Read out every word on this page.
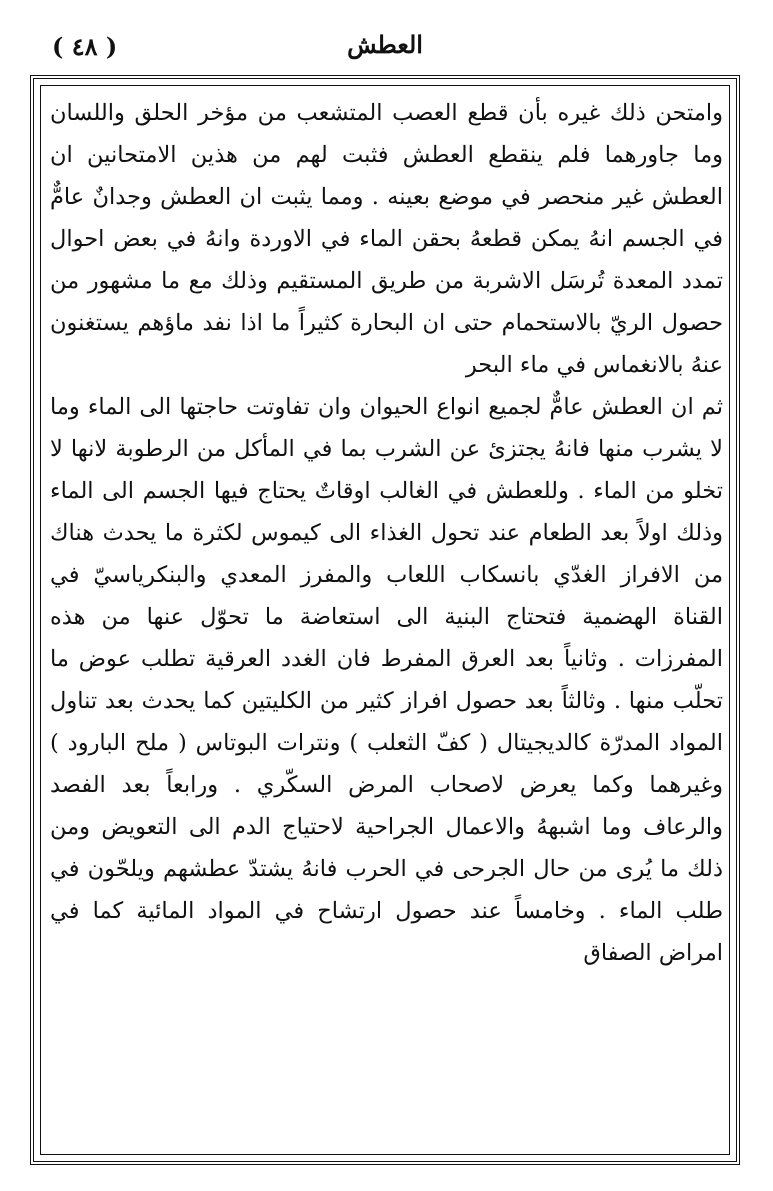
( ٤٨ )	العطش

وامتحن ذلك غيره بأن قطع العصب المتشعب من مؤخر الحلق واللسان وما جاورهما فلم ينقطع العطش فثبت لهم من هذين الامتحانين ان العطش غير منحصر في موضع بعينه . ومما يثبت ان العطش وجدانٌ عامٌّ في الجسم انهُ يمكن قطعهُ بحقن الماء في الاوردة وانهُ في بعض احوال تمدد المعدة تُرسَل الاشربة من طريق المستقيم وذلك مع ما مشهور من حصول الريّ بالاستحمام حتى ان البحارة كثيراً ما اذا نفد ماؤهم يستغنون عنهُ بالانغماس في ماء البحر

ثم ان العطش عامٌّ لجميع انواع الحيوان وان تفاوتت حاجتها الى الماء وما لا يشرب منها فانهُ يجتزئ عن الشرب بما في المأكل من الرطوبة لانها لا تخلو من الماء . وللعطش في الغالب اوقاتٌ يحتاج فيها الجسم الى الماء وذلك اولاً بعد الطعام عند تحول الغذاء الى كيموس لكثرة ما يحدث هناك من الافراز الغدّي بانسكاب اللعاب والمفرز المعدي والبنكرياسيّ في القناة الهضمية فتحتاج البنية الى استعاضة ما تحوّل عنها من هذه المفرزات . وثانياً بعد العرق المفرط فان الغدد العرقية تطلب عوض ما تحلّب منها . وثالثاً بعد حصول افراز كثير من الكليتين كما يحدث بعد تناول المواد المدرّة كالديجيتال ( كفّ الثعلب ) ونترات البوتاس ( ملح البارود ) وغيرهما وكما يعرض لاصحاب المرض السكّري . ورابعاً بعد الفصد والرعاف وما اشبههُ والاعمال الجراحية لاحتياج الدم الى التعويض ومن ذلك ما يُرى من حال الجرحى في الحرب فانهُ يشتدّ عطشهم ويلحّون في طلب الماء . وخامساً عند حصول ارتشاح في المواد المائية كما في امراض الصفاق
